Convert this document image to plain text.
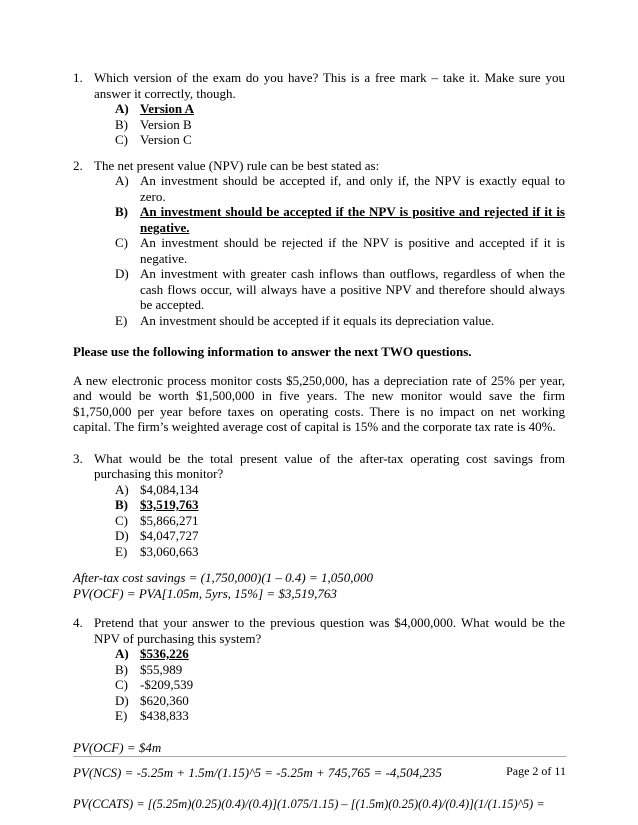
1. Which version of the exam do you have? This is a free mark – take it. Make sure you answer it correctly, though.
A) Version A
B) Version B
C) Version C
2. The net present value (NPV) rule can be best stated as:
A) An investment should be accepted if, and only if, the NPV is exactly equal to zero.
B) An investment should be accepted if the NPV is positive and rejected if it is negative.
C) An investment should be rejected if the NPV is positive and accepted if it is negative.
D) An investment with greater cash inflows than outflows, regardless of when the cash flows occur, will always have a positive NPV and therefore should always be accepted.
E) An investment should be accepted if it equals its depreciation value.
Please use the following information to answer the next TWO questions.
A new electronic process monitor costs $5,250,000, has a depreciation rate of 25% per year, and would be worth $1,500,000 in five years. The new monitor would save the firm $1,750,000 per year before taxes on operating costs. There is no impact on net working capital. The firm’s weighted average cost of capital is 15% and the corporate tax rate is 40%.
3. What would be the total present value of the after-tax operating cost savings from purchasing this monitor?
A) $4,084,134
B) $3,519,763
C) $5,866,271
D) $4,047,727
E) $3,060,663
After-tax cost savings = (1,750,000)(1 – 0.4) = 1,050,000
PV(OCF) = PVA[1.05m, 5yrs, 15%] = $3,519,763
4. Pretend that your answer to the previous question was $4,000,000. What would be the NPV of purchasing this system?
A) $536,226
B) $55,989
C) -$209,539
D) $620,360
E) $438,833
PV(OCF) = $4m
PV(NCS) = -5.25m + 1.5m/(1.15)^5 = -5.25m + 745,765 = -4,504,235
PV(CCATS) = [(5.25m)(0.25)(0.4)/(0.4)](1.075/1.15) – [(1.5m)(0.25)(0.4)/(0.4)](1/(1.15)^5) =
Page 2 of 11
